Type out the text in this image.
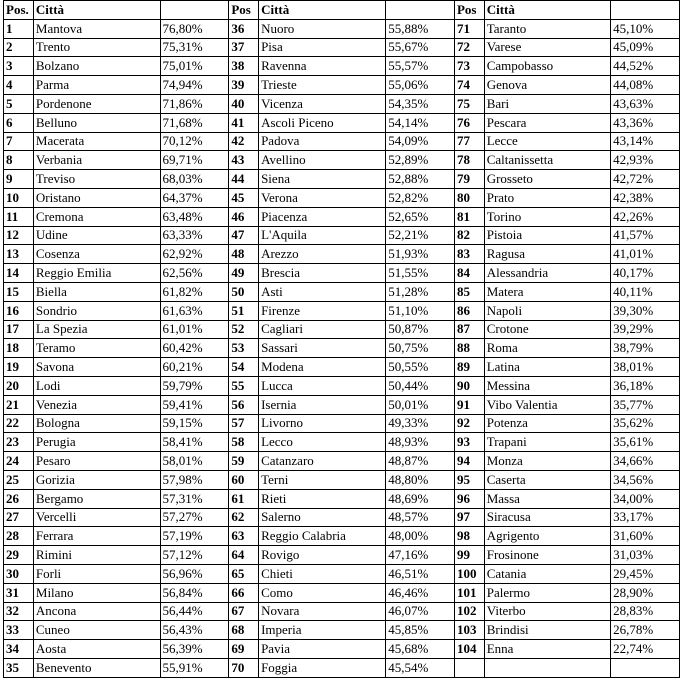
Pos.	Città		Pos	Città		Pos	Città	
1	Mantova	76,80%	36	Nuoro	55,88%	71	Taranto	45,10%
2	Trento	75,31%	37	Pisa	55,67%	72	Varese	45,09%
3	Bolzano	75,01%	38	Ravenna	55,57%	73	Campobasso	44,52%
4	Parma	74,94%	39	Trieste	55,06%	74	Genova	44,08%
5	Pordenone	71,86%	40	Vicenza	54,35%	75	Bari	43,63%
6	Belluno	71,68%	41	Ascoli Piceno	54,14%	76	Pescara	43,36%
7	Macerata	70,12%	42	Padova	54,09%	77	Lecce	43,14%
8	Verbania	69,71%	43	Avellino	52,89%	78	Caltanissetta	42,93%
9	Treviso	68,03%	44	Siena	52,88%	79	Grosseto	42,72%
10	Oristano	64,37%	45	Verona	52,82%	80	Prato	42,38%
11	Cremona	63,48%	46	Piacenza	52,65%	81	Torino	42,26%
12	Udine	63,33%	47	L'Aquila	52,21%	82	Pistoia	41,57%
13	Cosenza	62,92%	48	Arezzo	51,93%	83	Ragusa	41,01%
14	Reggio Emilia	62,56%	49	Brescia	51,55%	84	Alessandria	40,17%
15	Biella	61,82%	50	Asti	51,28%	85	Matera	40,11%
16	Sondrio	61,63%	51	Firenze	51,10%	86	Napoli	39,30%
17	La Spezia	61,01%	52	Cagliari	50,87%	87	Crotone	39,29%
18	Teramo	60,42%	53	Sassari	50,75%	88	Roma	38,79%
19	Savona	60,21%	54	Modena	50,55%	89	Latina	38,01%
20	Lodi	59,79%	55	Lucca	50,44%	90	Messina	36,18%
21	Venezia	59,41%	56	Isernia	50,01%	91	Vibo Valentia	35,77%
22	Bologna	59,15%	57	Livorno	49,33%	92	Potenza	35,62%
23	Perugia	58,41%	58	Lecco	48,93%	93	Trapani	35,61%
24	Pesaro	58,01%	59	Catanzaro	48,87%	94	Monza	34,66%
25	Gorizia	57,98%	60	Terni	48,80%	95	Caserta	34,56%
26	Bergamo	57,31%	61	Rieti	48,69%	96	Massa	34,00%
27	Vercelli	57,27%	62	Salerno	48,57%	97	Siracusa	33,17%
28	Ferrara	57,19%	63	Reggio Calabria	48,00%	98	Agrigento	31,60%
29	Rimini	57,12%	64	Rovigo	47,16%	99	Frosinone	31,03%
30	Forli	56,96%	65	Chieti	46,51%	100	Catania	29,45%
31	Milano	56,84%	66	Como	46,46%	101	Palermo	28,90%
32	Ancona	56,44%	67	Novara	46,07%	102	Viterbo	28,83%
33	Cuneo	56,43%	68	Imperia	45,85%	103	Brindisi	26,78%
34	Aosta	56,39%	69	Pavia	45,68%	104	Enna	22,74%
35	Benevento	55,91%	70	Foggia	45,54%			
